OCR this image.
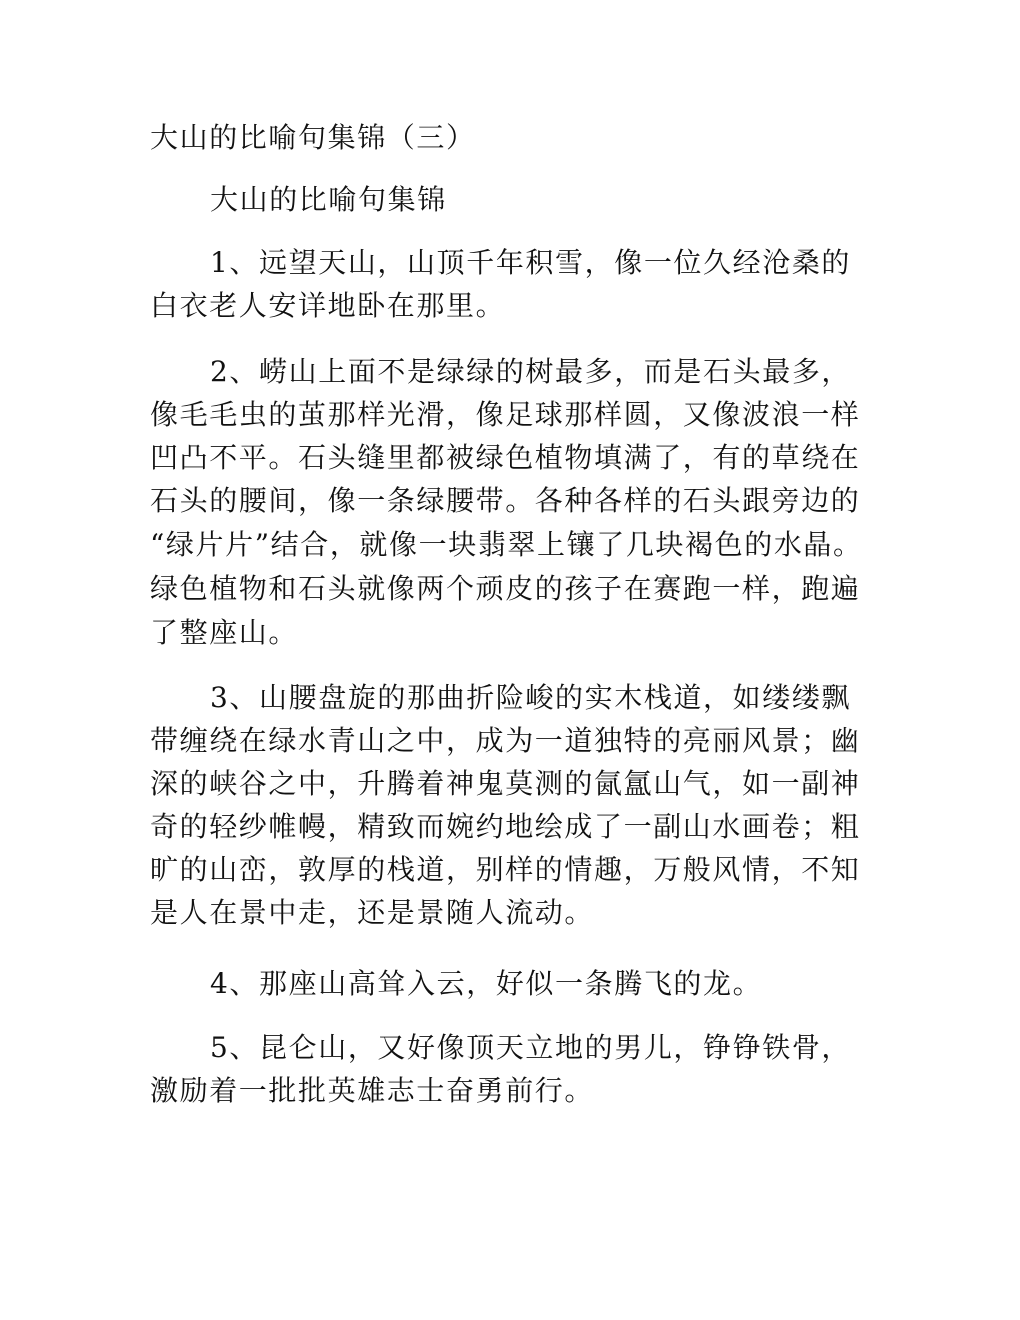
大山的比喻句集锦（三）
大山的比喻句集锦
1、远望天山，山顶千年积雪，像一位久经沧桑的
白衣老人安详地卧在那里。
2、崂山上面不是绿绿的树最多，而是石头最多，
像毛毛虫的茧那样光滑，像足球那样圆，又像波浪一样
凹凸不平。石头缝里都被绿色植物填满了，有的草绕在
石头的腰间，像一条绿腰带。各种各样的石头跟旁边的
“绿片片”结合，就像一块翡翠上镶了几块褐色的水晶。
绿色植物和石头就像两个顽皮的孩子在赛跑一样，跑遍
了整座山。
3、山腰盘旋的那曲折险峻的实木栈道，如缕缕飘
带缠绕在绿水青山之中，成为一道独特的亮丽风景；幽
深的峡谷之中，升腾着神鬼莫测的氤氲山气，如一副神
奇的轻纱帷幔，精致而婉约地绘成了一副山水画卷；粗
旷的山峦，敦厚的栈道，别样的情趣，万般风情，不知
是人在景中走，还是景随人流动。
4、那座山高耸入云，好似一条腾飞的龙。
5、昆仑山，又好像顶天立地的男儿，铮铮铁骨，
激励着一批批英雄志士奋勇前行。
